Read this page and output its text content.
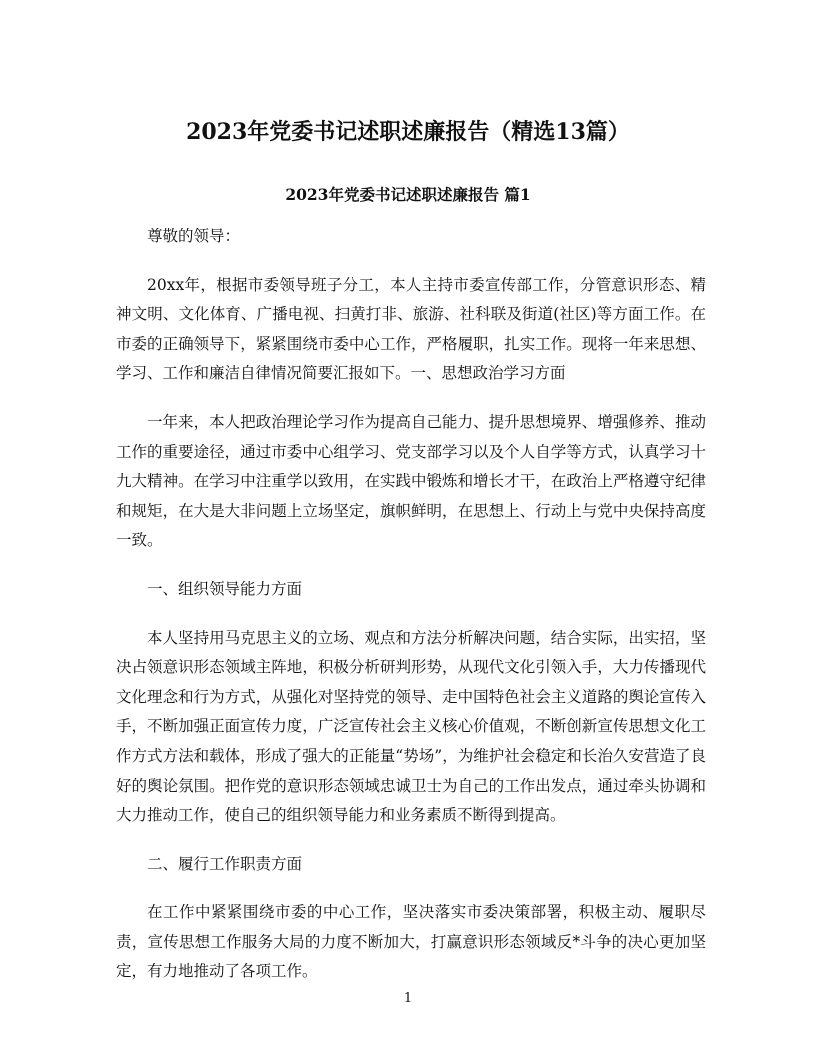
2023年党委书记述职述廉报告（精选13篇）
2023年党委书记述职述廉报告 篇1

尊敬的领导：

20xx年，根据市委领导班子分工，本人主持市委宣传部工作，分管意识形态、精神文明、文化体育、广播电视、扫黄打非、旅游、社科联及街道(社区)等方面工作。在市委的正确领导下，紧紧围绕市委中心工作，严格履职，扎实工作。现将一年来思想、学习、工作和廉洁自律情况简要汇报如下。一、思想政治学习方面

一年来，本人把政治理论学习作为提高自己能力、提升思想境界、增强修养、推动工作的重要途径，通过市委中心组学习、党支部学习以及个人自学等方式，认真学习十九大精神。在学习中注重学以致用，在实践中锻炼和增长才干，在政治上严格遵守纪律和规矩，在大是大非问题上立场坚定，旗帜鲜明，在思想上、行动上与党中央保持高度一致。

一、组织领导能力方面

本人坚持用马克思主义的立场、观点和方法分析解决问题，结合实际，出实招，坚决占领意识形态领域主阵地，积极分析研判形势，从现代文化引领入手，大力传播现代文化理念和行为方式，从强化对坚持党的领导、走中国特色社会主义道路的舆论宣传入手，不断加强正面宣传力度，广泛宣传社会主义核心价值观，不断创新宣传思想文化工作方式方法和载体，形成了强大的正能量“势场”，为维护社会稳定和长治久安营造了良好的舆论氛围。把作党的意识形态领域忠诚卫士为自己的工作出发点，通过牵头协调和大力推动工作，使自己的组织领导能力和业务素质不断得到提高。

二、履行工作职责方面

在工作中紧紧围绕市委的中心工作，坚决落实市委决策部署，积极主动、履职尽责，宣传思想工作服务大局的力度不断加大，打赢意识形态领域反*斗争的决心更加坚定，有力地推动了各项工作。

1
